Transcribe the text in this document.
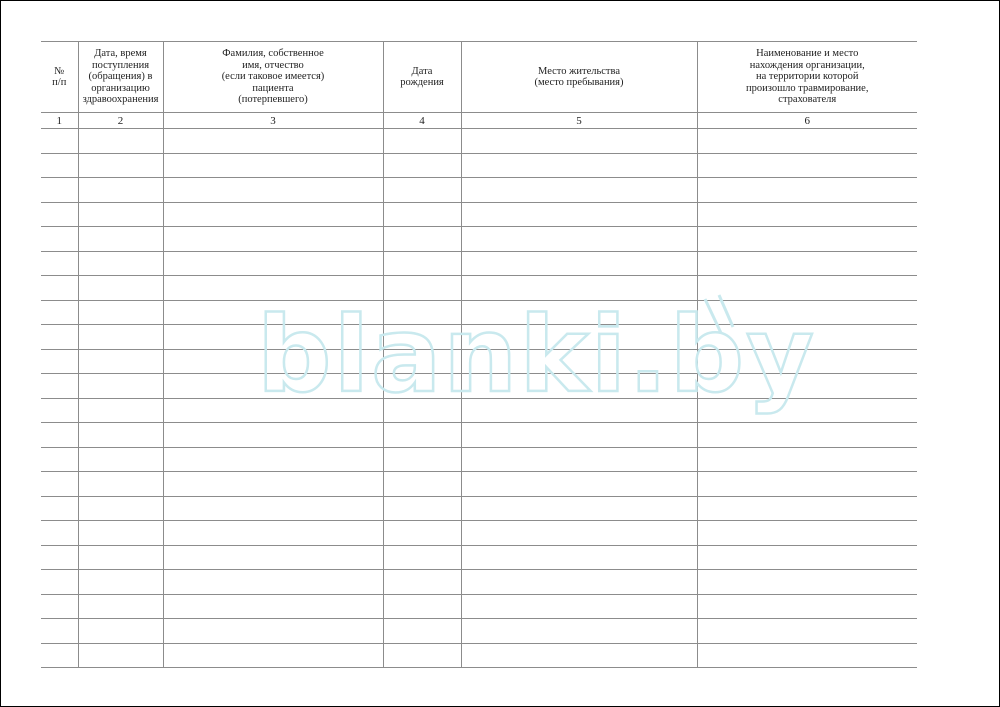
№
п/п	Дата, время
поступления
(обращения) в
организацию
здравоохранения	Фамилия, собственное
имя, отчество
(если таковое имеется)
пациента
(потерпевшего)	Дата
рождения	Место жительства
(место пребывания)	Наименование и место
нахождения организации,
на территории которой
произошло травмирование,
страхователя
1	2	3	4	5	6

blanki.by
